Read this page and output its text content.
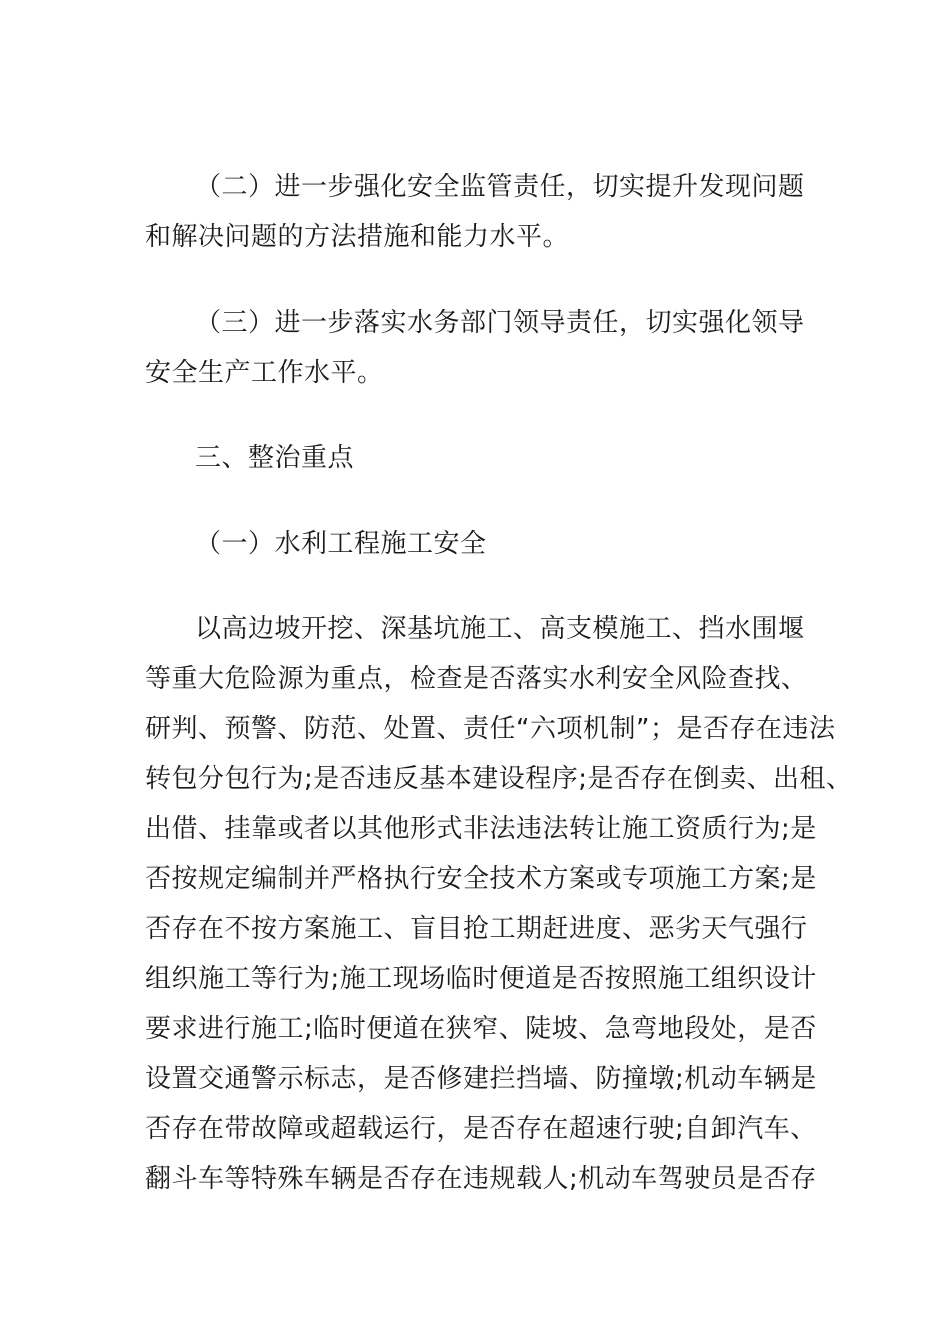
（二）进一步强化安全监管责任，切实提升发现问题
和解决问题的方法措施和能力水平。
（三）进一步落实水务部门领导责任，切实强化领导
安全生产工作水平。
三、整治重点
（一）水利工程施工安全
以高边坡开挖、深基坑施工、高支模施工、挡水围堰
等重大危险源为重点，检查是否落实水利安全风险查找、
研判、预警、防范、处置、责任“六项机制”；是否存在违法
转包分包行为;是否违反基本建设程序;是否存在倒卖、出租、
出借、挂靠或者以其他形式非法违法转让施工资质行为;是
否按规定编制并严格执行安全技术方案或专项施工方案;是
否存在不按方案施工、盲目抢工期赶进度、恶劣天气强行
组织施工等行为;施工现场临时便道是否按照施工组织设计
要求进行施工;临时便道在狭窄、陡坡、急弯地段处，是否
设置交通警示标志，是否修建拦挡墙、防撞墩;机动车辆是
否存在带故障或超载运行，是否存在超速行驶;自卸汽车、
翻斗车等特殊车辆是否存在违规载人;机动车驾驶员是否存
